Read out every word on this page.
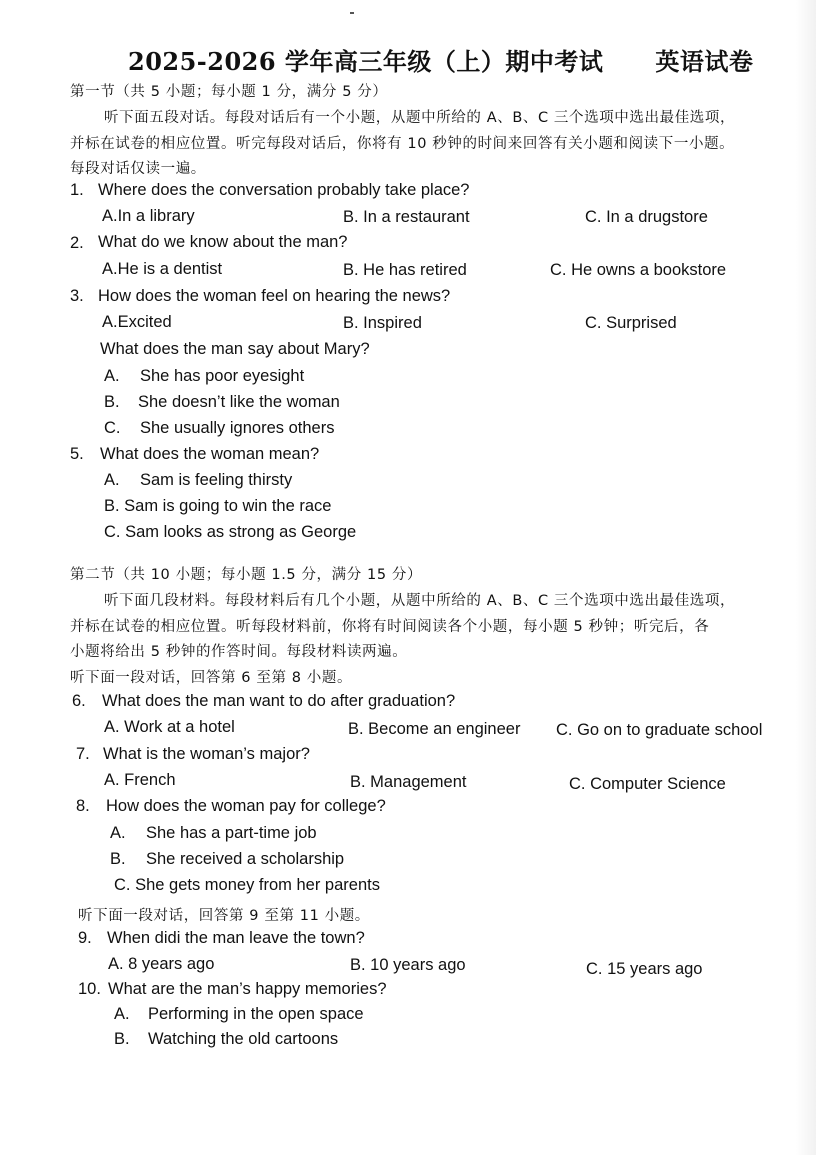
2025-2026 学年高三年级（上）期中考试 英语试卷
第一节（共 5 小题；每小题 1 分，满分 5 分）
听下面五段对话。每段对话后有一个小题，从题中所给的 A、B、C 三个选项中选出最佳选项，
并标在试卷的相应位置。听完每段对话后，你将有 10 秒钟的时间来回答有关小题和阅读下一小题。
每段对话仅读一遍。
1. Where does the conversation probably take place?
A.In a library	B. In a restaurant	C. In a drugstore
2. What do we know about the man?
A.He is a dentist	B. He has retired	C. He owns a bookstore
3. How does the woman feel on hearing the news?
A.Excited	B. Inspired	C. Surprised
What does the man say about Mary?
A. She has poor eyesight
B. She doesn’t like the woman
C. She usually ignores others
5. What does the woman mean?
A. Sam is feeling thirsty
B. Sam is going to win the race
C. Sam looks as strong as George
第二节（共 10 小题；每小题 1.5 分，满分 15 分）
听下面几段材料。每段材料后有几个小题，从题中所给的 A、B、C 三个选项中选出最佳选项，
并标在试卷的相应位置。听每段材料前，你将有时间阅读各个小题，每小题 5 秒钟；听完后，各
小题将给出 5 秒钟的作答时间。每段材料读两遍。
听下面一段对话，回答第 6 至第 8 小题。
6. What does the man want to do after graduation?
A. Work at a hotel	B. Become an engineer C. Go on to graduate school
7. What is the woman’s major?
A. French	B. Management	C. Computer Science
8. How does the woman pay for college?
A. She has a part-time job
B. She received a scholarship
C. She gets money from her parents
听下面一段对话，回答第 9 至第 11 小题。
9. When didi the man leave the town?
A. 8 years ago	B. 10 years ago	C. 15 years ago
10. What are the man’s happy memories?
A. Performing in the open space
B. Watching the old cartoons
